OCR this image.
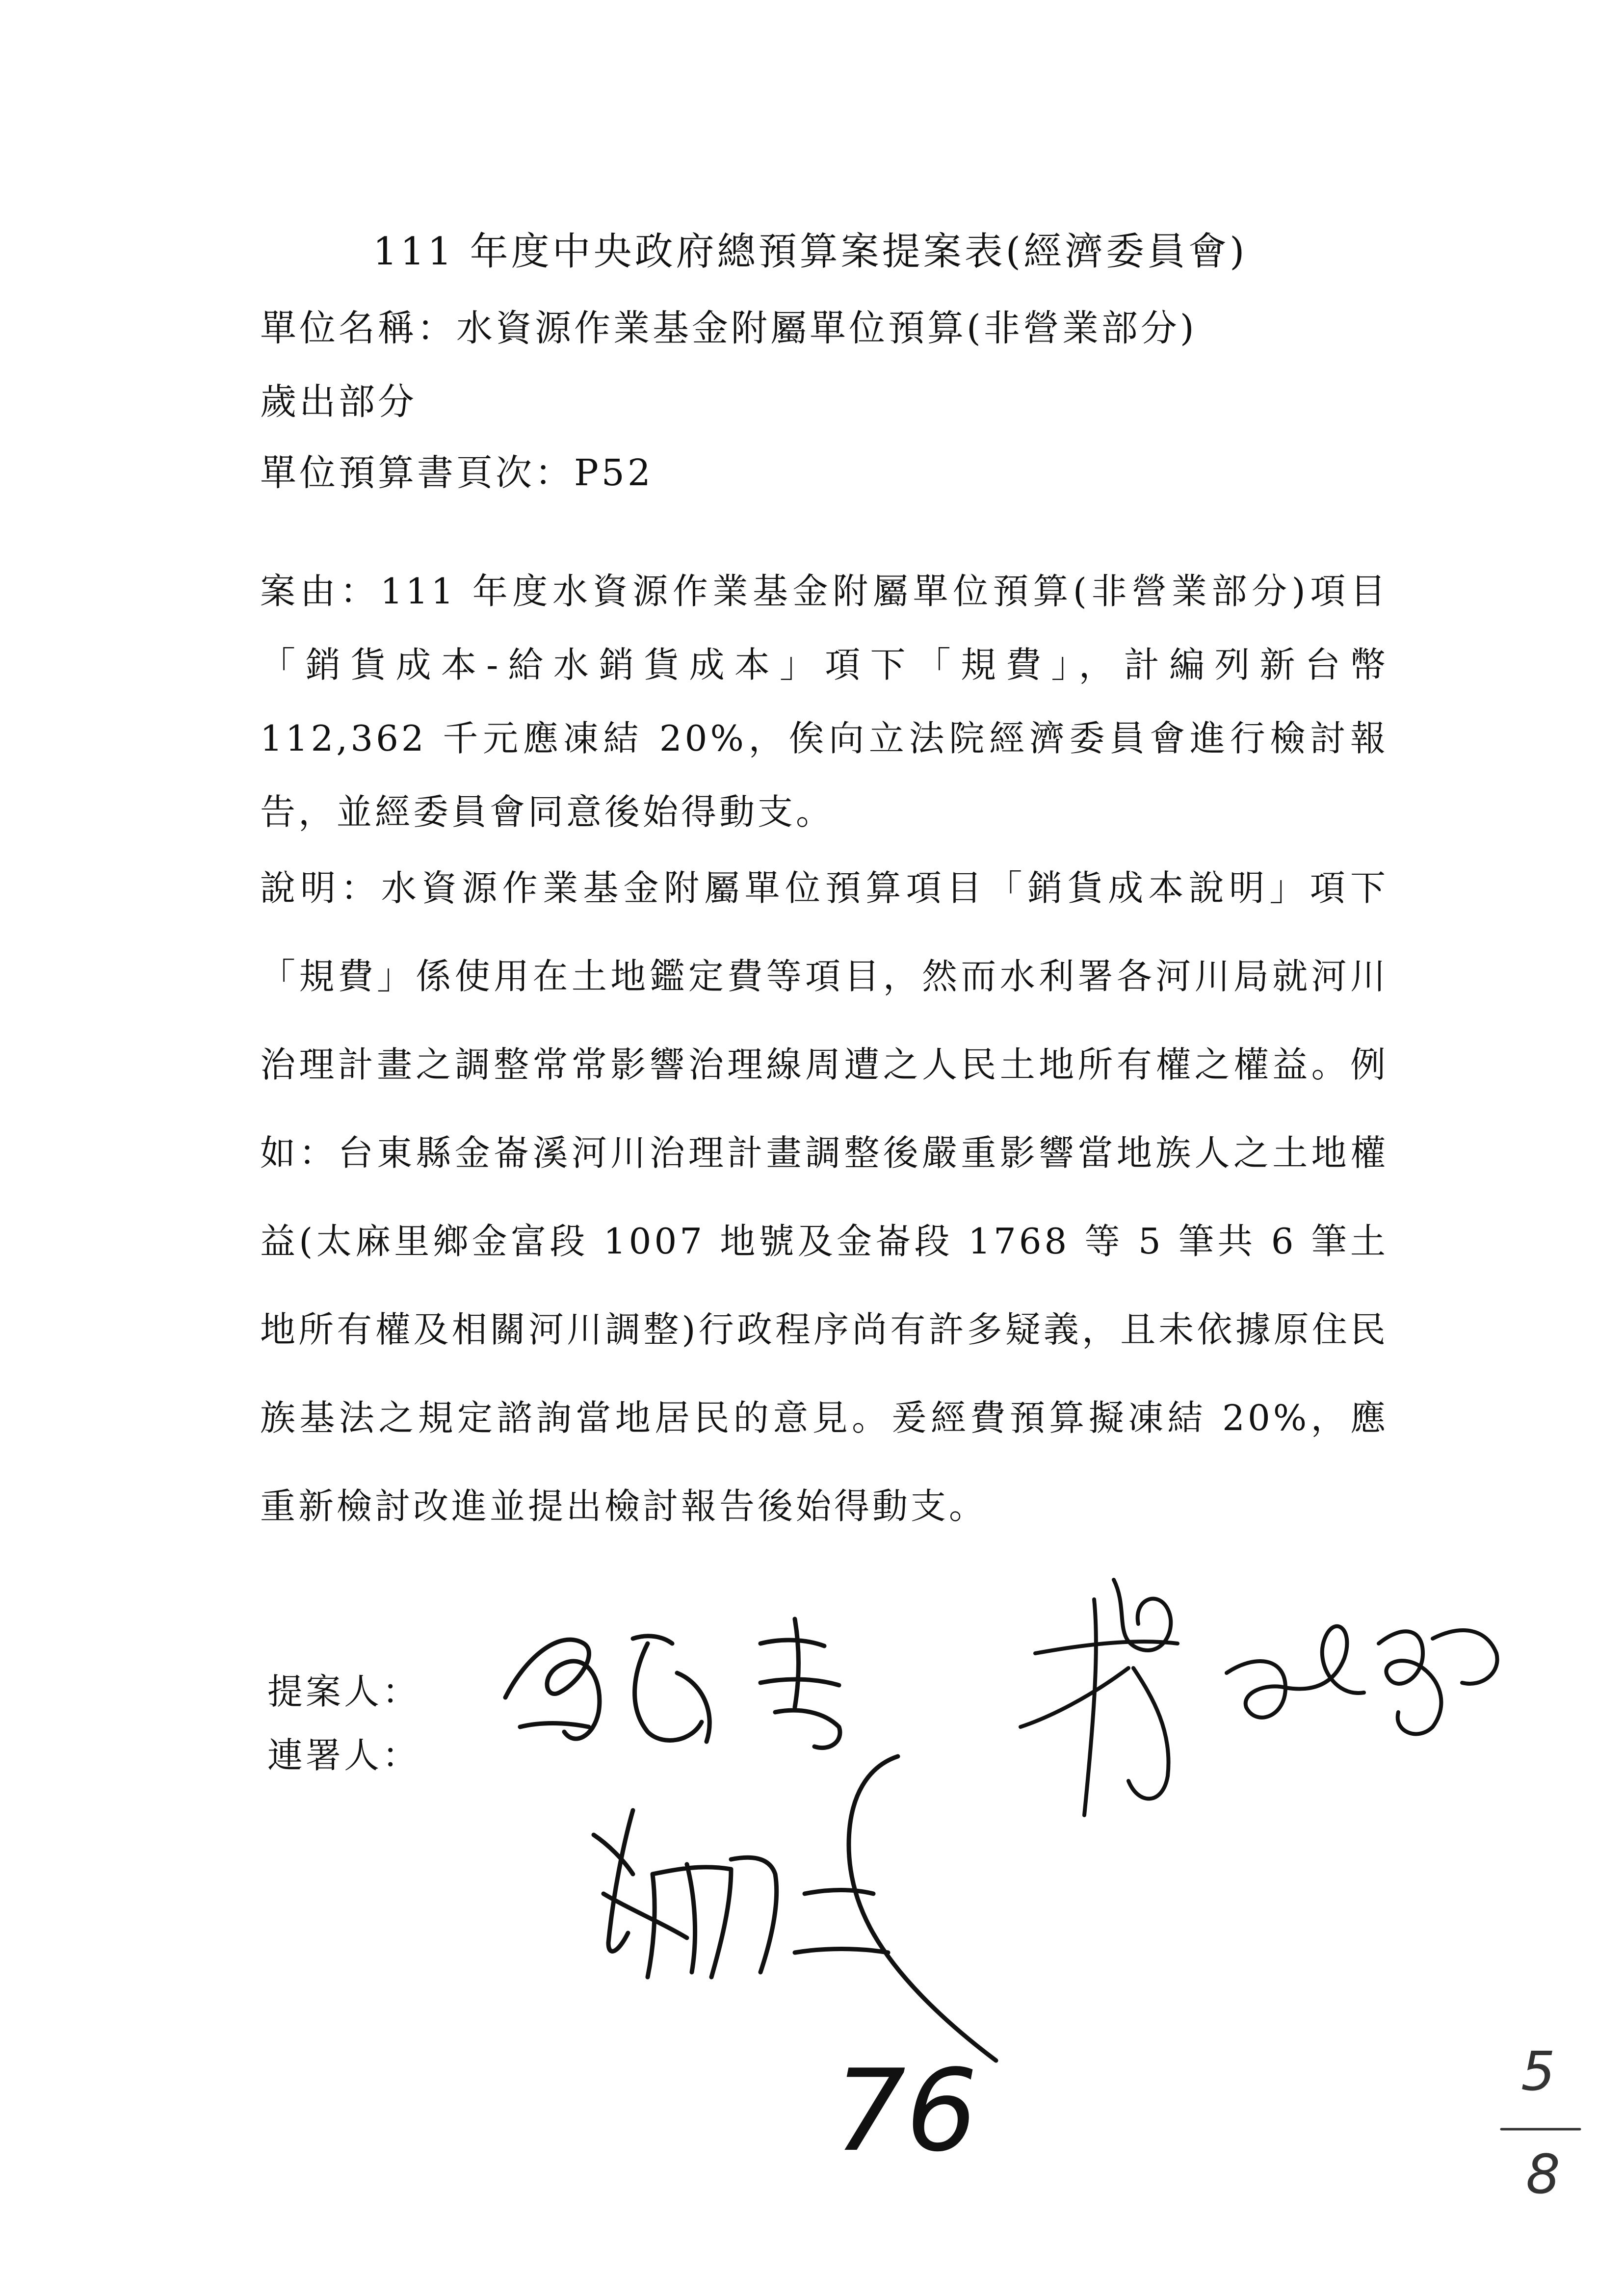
111 年度中央政府總預算案提案表(經濟委員會)
單位名稱：水資源作業基金附屬單位預算(非營業部分)
歲出部分
單位預算書頁次：P52
案由：111 年度水資源作業基金附屬單位預算(非營業部分)項目「銷貨成本-給水銷貨成本」項下「規費」，計編列新台幣 112,362 千元應凍結 20%，俟向立法院經濟委員會進行檢討報告，並經委員會同意後始得動支。
說明：水資源作業基金附屬單位預算項目「銷貨成本說明」項下「規費」係使用在土地鑑定費等項目，然而水利署各河川局就河川治理計畫之調整常常影響治理線周遭之人民土地所有權之權益。例如：台東縣金崙溪河川治理計畫調整後嚴重影響當地族人之土地權益(太麻里鄉金富段 1007 地號及金崙段 1768 等 5 筆共 6 筆土地所有權及相關河川調整)行政程序尚有許多疑義，且未依據原住民族基法之規定諮詢當地居民的意見。爰經費預算擬凍結 20%，應重新檢討改進並提出檢討報告後始得動支。
提案人：
連署人：
76	5
8
